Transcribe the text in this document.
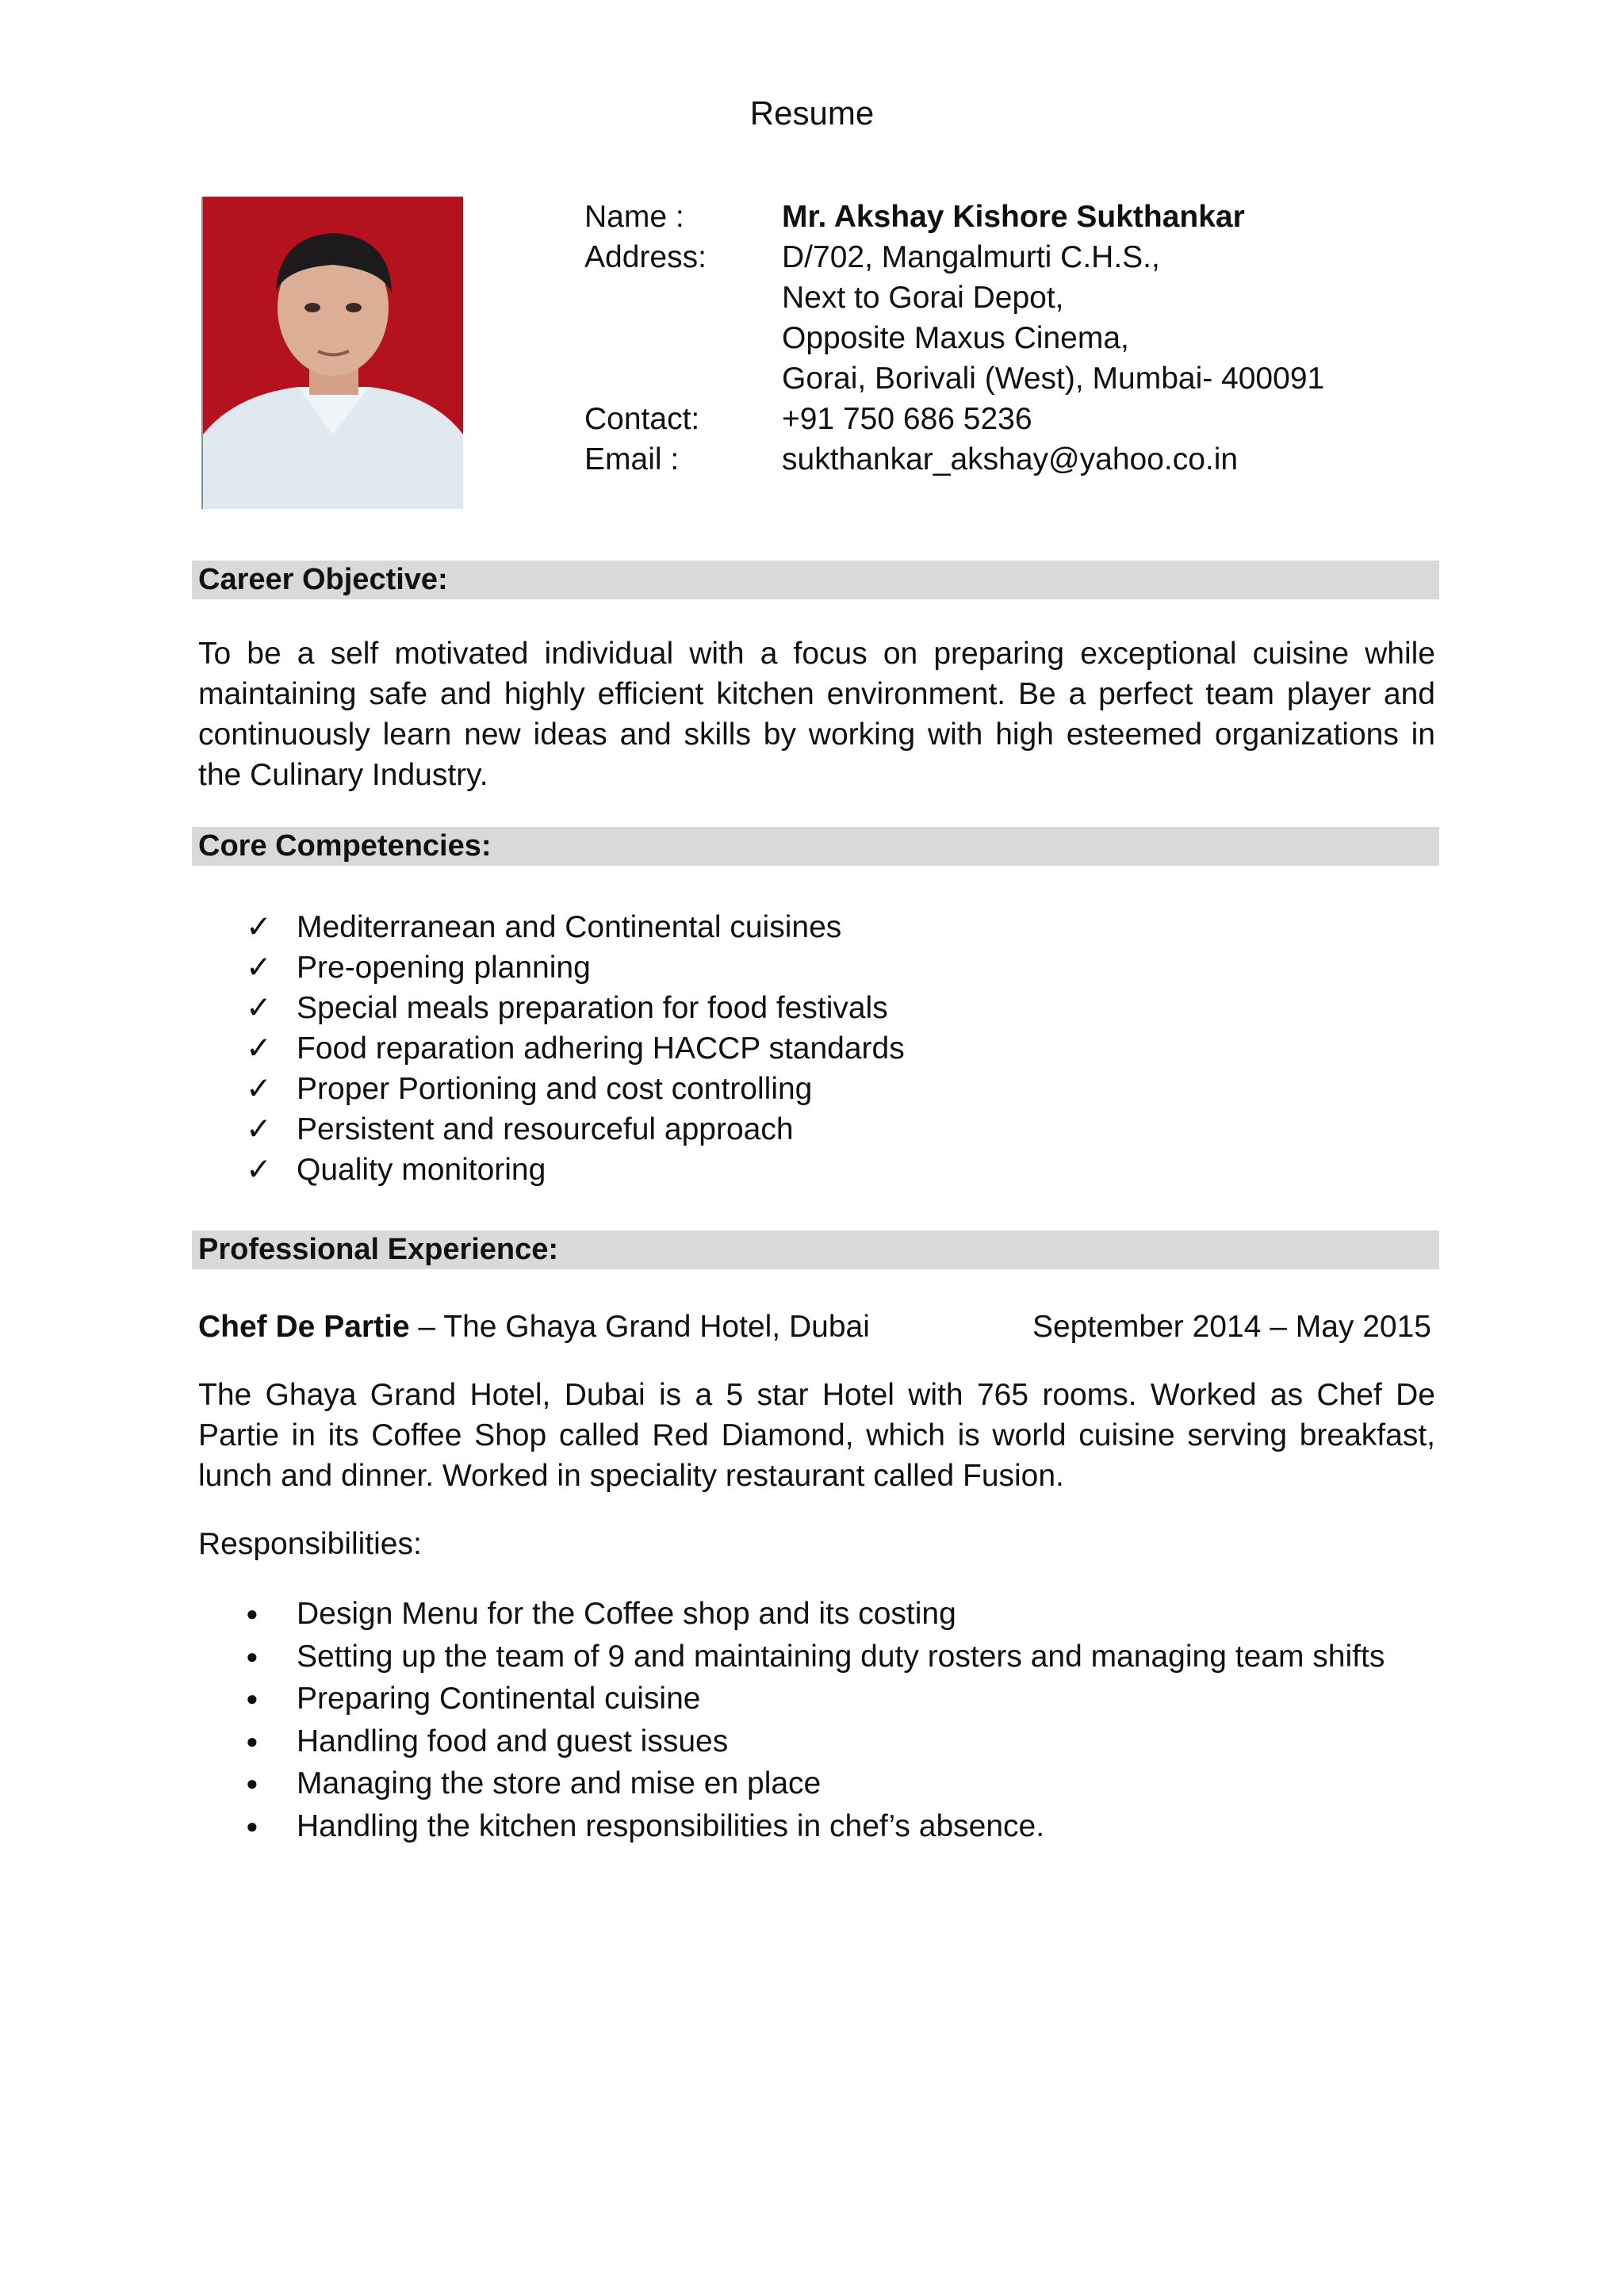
Resume
Name :	Mr. Akshay Kishore Sukthankar
Address:	D/702, Mangalmurti C.H.S.,
Next to Gorai Depot,
Opposite Maxus Cinema,
Gorai, Borivali (West), Mumbai- 400091
Contact:	+91 750 686 5236
Email :	sukthankar_akshay@yahoo.co.in
Career Objective:
To be a self motivated individual with a focus on preparing exceptional cuisine while maintaining safe and highly efficient kitchen environment. Be a perfect team player and continuously learn new ideas and skills by working with high esteemed organizations in the Culinary Industry.
Core Competencies:
✓ Mediterranean and Continental cuisines
✓ Pre-opening planning
✓ Special meals preparation for food festivals
✓ Food reparation adhering HACCP standards
✓ Proper Portioning and cost controlling
✓ Persistent and resourceful approach
✓ Quality monitoring
Professional Experience:
Chef De Partie – The Ghaya Grand Hotel, Dubai	September 2014 – May 2015
The Ghaya Grand Hotel, Dubai is a 5 star Hotel with 765 rooms. Worked as Chef De Partie in its Coffee Shop called Red Diamond, which is world cuisine serving breakfast, lunch and dinner. Worked in speciality restaurant called Fusion.
Responsibilities:
● Design Menu for the Coffee shop and its costing
● Setting up the team of 9 and maintaining duty rosters and managing team shifts
● Preparing Continental cuisine
● Handling food and guest issues
● Managing the store and mise en place
● Handling the kitchen responsibilities in chef’s absence.
